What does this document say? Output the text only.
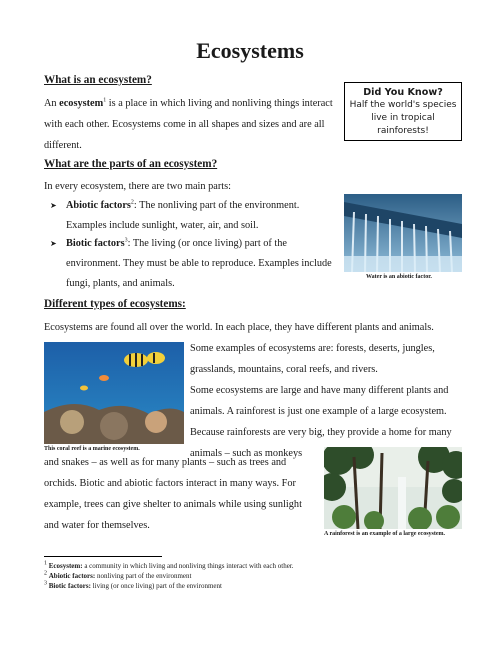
Ecosystems
What is an ecosystem?
An ecosystem$^1$ is a place in which living and nonliving things interact
with each other. Ecosystems come in all shapes and sizes and are all
different.
Did You Know?
Half the world's species
live in tropical
rainforests!
What are the parts of an ecosystem?
In every ecosystem, there are two main parts:
➤ Abiotic factors$^2$: The nonliving part of the environment.
Examples include sunlight, water, air, and soil.
➤ Biotic factors$^3$: The living (or once living) part of the
environment. They must be able to reproduce. Examples include
fungi, plants, and animals.
Water is an abiotic factor.
Different types of ecosystems:
Ecosystems are found all over the world. In each place, they have different plants and animals.
This coral reef is a marine ecosystem.
Some examples of ecosystems are: forests, deserts, jungles,
grasslands, mountains, coral reefs, and rivers.
Some ecosystems are large and have many different plants and
animals. A rainforest is just one example of a large ecosystem.
Because rainforests are very big, they provide a home for many
animals – such as monkeys
and snakes – as well as for many plants – such as trees and
orchids. Biotic and abiotic factors interact in many ways. For
example, trees can give shelter to animals while using sunlight
and water for themselves.
A rainforest is an example of a large ecosystem.
$^1$ Ecosystem: a community in which living and nonliving things interact with each other.
$^2$ Abiotic factors: nonliving part of the environment
$^3$ Biotic factors: living (or once living) part of the environment
